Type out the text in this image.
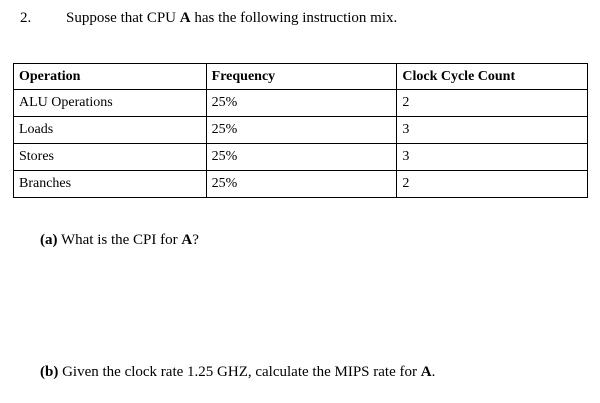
2. Suppose that CPU A has the following instruction mix.
Operation	Frequency	Clock Cycle Count
ALU Operations	25%	2
Loads	25%	3
Stores	25%	3
Branches	25%	2
(a) What is the CPI for A?
(b) Given the clock rate 1.25 GHZ, calculate the MIPS rate for A.
